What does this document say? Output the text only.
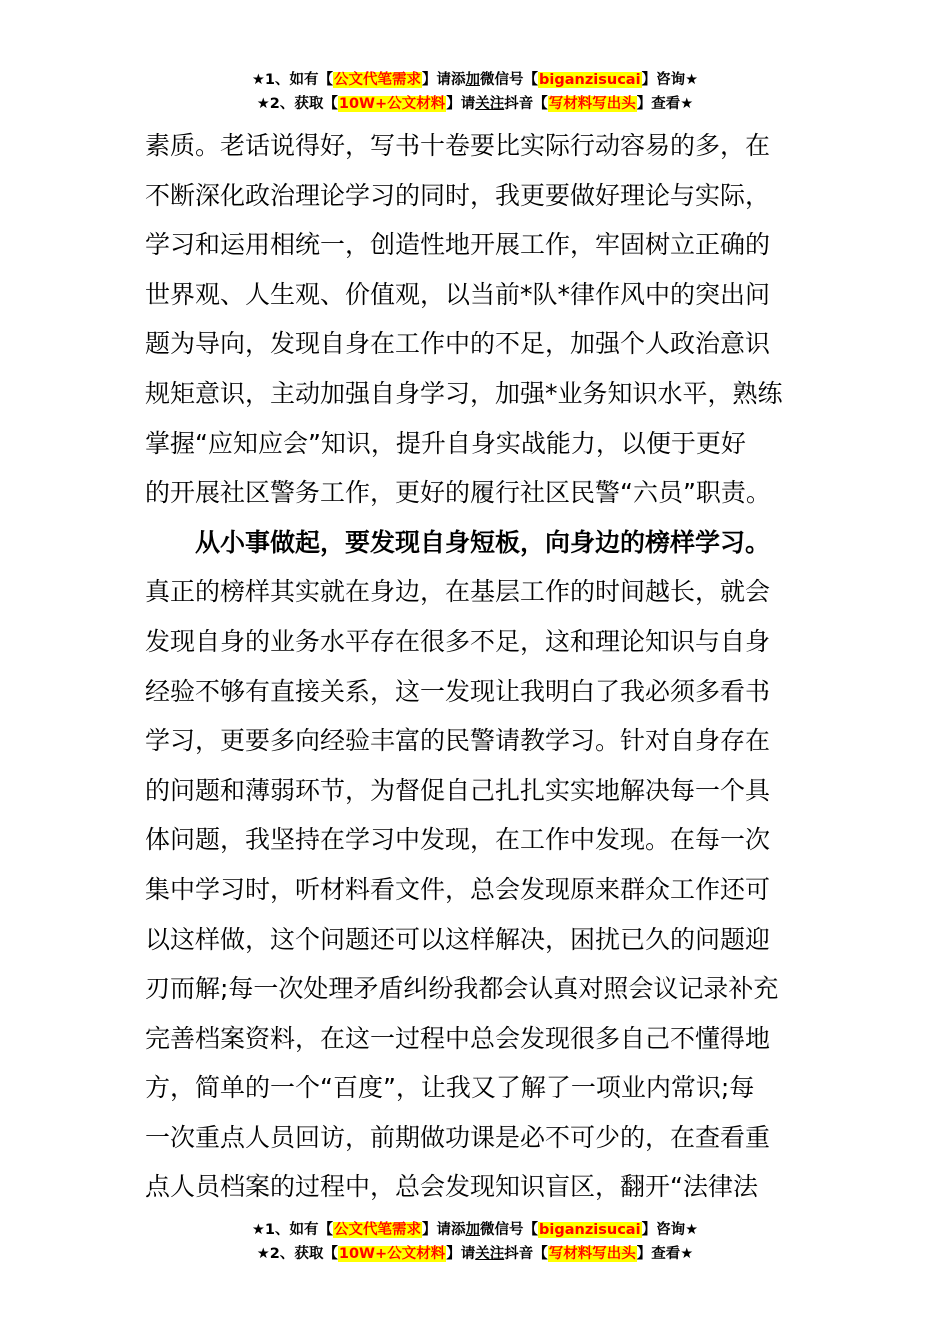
★1、如有【公文代笔需求】请添加微信号【biganzisucai】咨询★
★2、获取【10W+公文材料】请关注抖音【写材料写出头】查看★
素质。老话说得好，写书十卷要比实际行动容易的多，在
不断深化政治理论学习的同时，我更要做好理论与实际，
学习和运用相统一，创造性地开展工作，牢固树立正确的
世界观、人生观、价值观，以当前*队*律作风中的突出问
题为导向，发现自身在工作中的不足，加强个人政治意识
规矩意识，主动加强自身学习，加强*业务知识水平，熟练
掌握“应知应会”知识，提升自身实战能力，以便于更好
的开展社区警务工作，更好的履行社区民警“六员”职责。
从小事做起，要发现自身短板，向身边的榜样学习。
真正的榜样其实就在身边，在基层工作的时间越长，就会
发现自身的业务水平存在很多不足，这和理论知识与自身
经验不够有直接关系，这一发现让我明白了我必须多看书
学习，更要多向经验丰富的民警请教学习。针对自身存在
的问题和薄弱环节，为督促自己扎扎实实地解决每一个具
体问题，我坚持在学习中发现，在工作中发现。在每一次
集中学习时，听材料看文件，总会发现原来群众工作还可
以这样做，这个问题还可以这样解决，困扰已久的问题迎
刃而解;每一次处理矛盾纠纷我都会认真对照会议记录补充
完善档案资料，在这一过程中总会发现很多自己不懂得地
方，简单的一个“百度”，让我又了解了一项业内常识;每
一次重点人员回访，前期做功课是必不可少的，在查看重
点人员档案的过程中，总会发现知识盲区，翻开“法律法
★1、如有【公文代笔需求】请添加微信号【biganzisucai】咨询★
★2、获取【10W+公文材料】请关注抖音【写材料写出头】查看★
